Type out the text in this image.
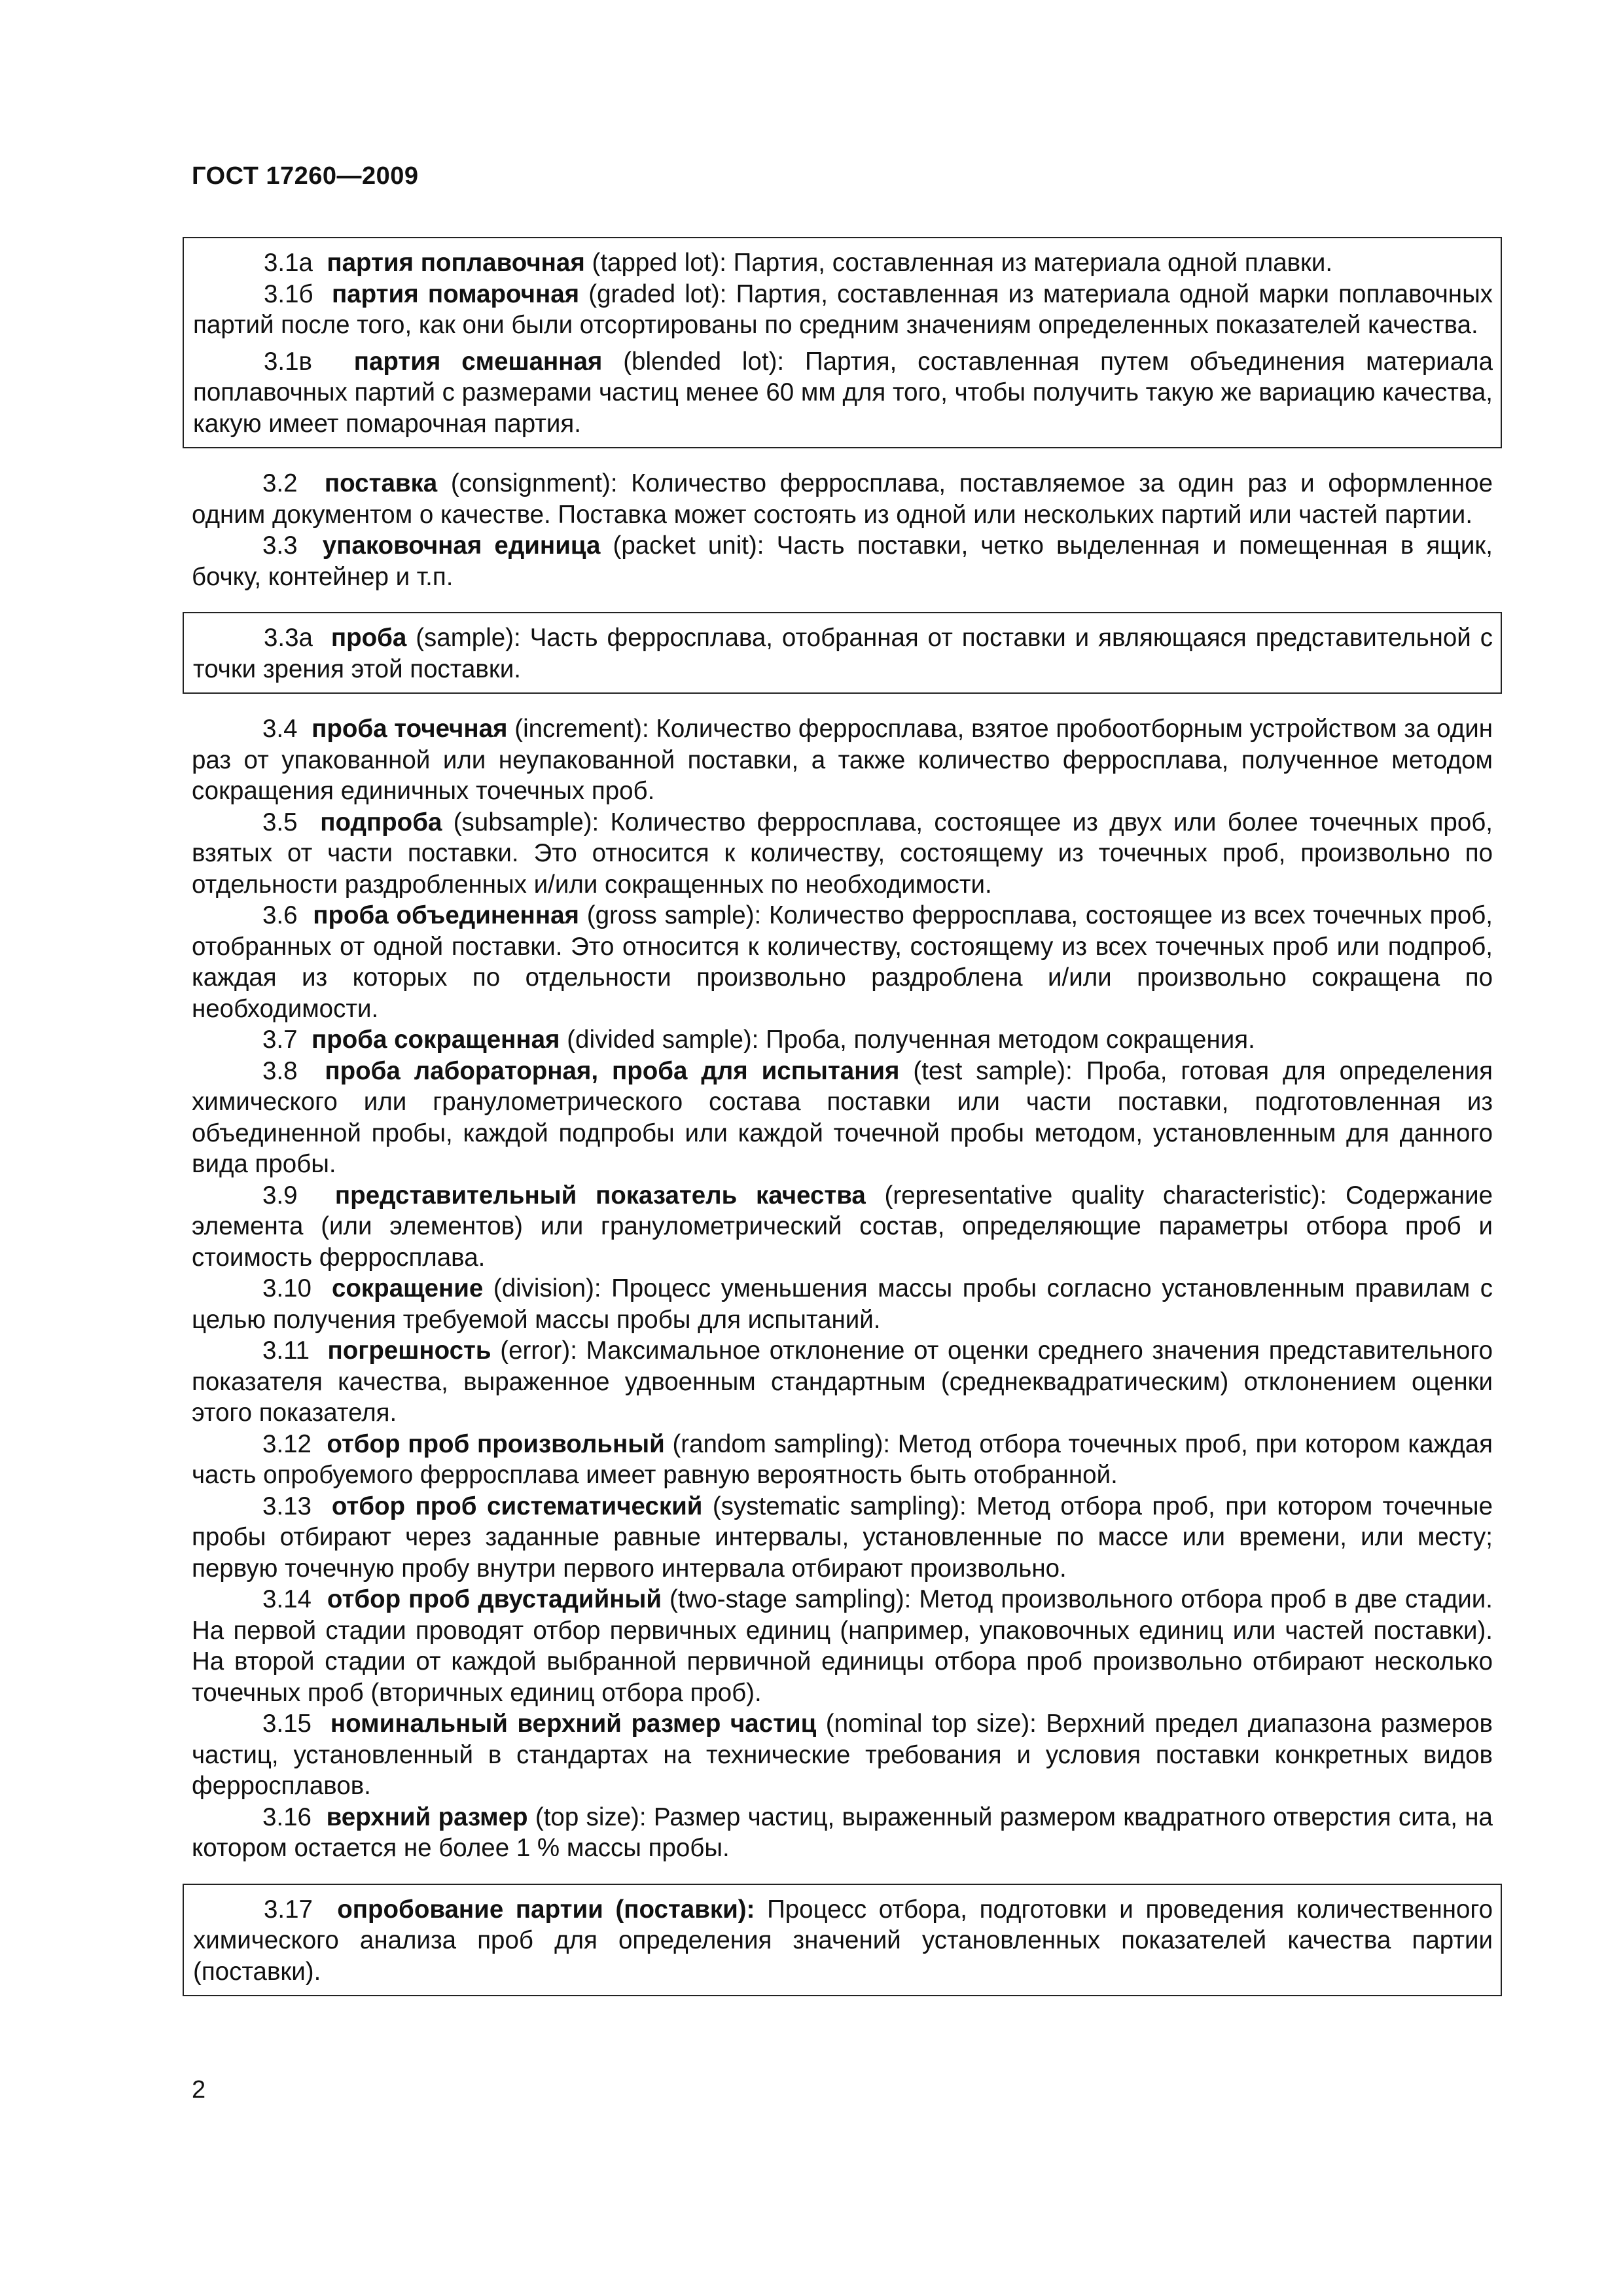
ГОСТ 17260—2009

3.1а партия поплавочная (tapped lot): Партия, составленная из материала одной плавки.

3.1б партия помарочная (graded lot): Партия, составленная из материала одной марки поплавочных партий после того, как они были отсортированы по средним значениям определенных показателей качества.

3.1в партия смешанная (blended lot): Партия, составленная путем объединения материала поплавочных партий с размерами частиц менее 60 мм для того, чтобы получить такую же вариацию качества, какую имеет помарочная партия.

3.2 поставка (consignment): Количество ферросплава, поставляемое за один раз и оформленное одним документом о качестве. Поставка может состоять из одной или нескольких партий или частей партии.

3.3 упаковочная единица (packet unit): Часть поставки, четко выделенная и помещенная в ящик, бочку, контейнер и т.п.

3.3а проба (sample): Часть ферросплава, отобранная от поставки и являющаяся представительной с точки зрения этой поставки.

3.4 проба точечная (increment): Количество ферросплава, взятое пробоотборным устройством за один раз от упакованной или неупакованной поставки, а также количество ферросплава, полученное методом сокращения единичных точечных проб.

3.5 подпроба (subsample): Количество ферросплава, состоящее из двух или более точечных проб, взятых от части поставки. Это относится к количеству, состоящему из точечных проб, произвольно по отдельности раздробленных и/или сокращенных по необходимости.

3.6 проба объединенная (gross sample): Количество ферросплава, состоящее из всех точечных проб, отобранных от одной поставки. Это относится к количеству, состоящему из всех точечных проб или подпроб, каждая из которых по отдельности произвольно раздроблена и/или произвольно сокращена по необходимости.

3.7 проба сокращенная (divided sample): Проба, полученная методом сокращения.

3.8 проба лабораторная, проба для испытания (test sample): Проба, готовая для определения химического или гранулометрического состава поставки или части поставки, подготовленная из объединенной пробы, каждой подпробы или каждой точечной пробы методом, установленным для данного вида пробы.

3.9 представительный показатель качества (representative quality characteristic): Содержание элемента (или элементов) или гранулометрический состав, определяющие параметры отбора проб и стоимость ферросплава.

3.10 сокращение (division): Процесс уменьшения массы пробы согласно установленным правилам с целью получения требуемой массы пробы для испытаний.

3.11 погрешность (error): Максимальное отклонение от оценки среднего значения представительного показателя качества, выраженное удвоенным стандартным (среднеквадратическим) отклонением оценки этого показателя.

3.12 отбор проб произвольный (random sampling): Метод отбора точечных проб, при котором каждая часть опробуемого ферросплава имеет равную вероятность быть отобранной.

3.13 отбор проб систематический (systematic sampling): Метод отбора проб, при котором точечные пробы отбирают через заданные равные интервалы, установленные по массе или времени, или месту; первую точечную пробу внутри первого интервала отбирают произвольно.

3.14 отбор проб двустадийный (two-stage sampling): Метод произвольного отбора проб в две стадии. На первой стадии проводят отбор первичных единиц (например, упаковочных единиц или частей поставки). На второй стадии от каждой выбранной первичной единицы отбора проб произвольно отбирают несколько точечных проб (вторичных единиц отбора проб).

3.15 номинальный верхний размер частиц (nominal top size): Верхний предел диапазона размеров частиц, установленный в стандартах на технические требования и условия поставки конкретных видов ферросплавов.

3.16 верхний размер (top size): Размер частиц, выраженный размером квадратного отверстия сита, на котором остается не более 1 % массы пробы.

3.17 опробование партии (поставки): Процесс отбора, подготовки и проведения количественного химического анализа проб для определения значений установленных показателей качества партии (поставки).

2
